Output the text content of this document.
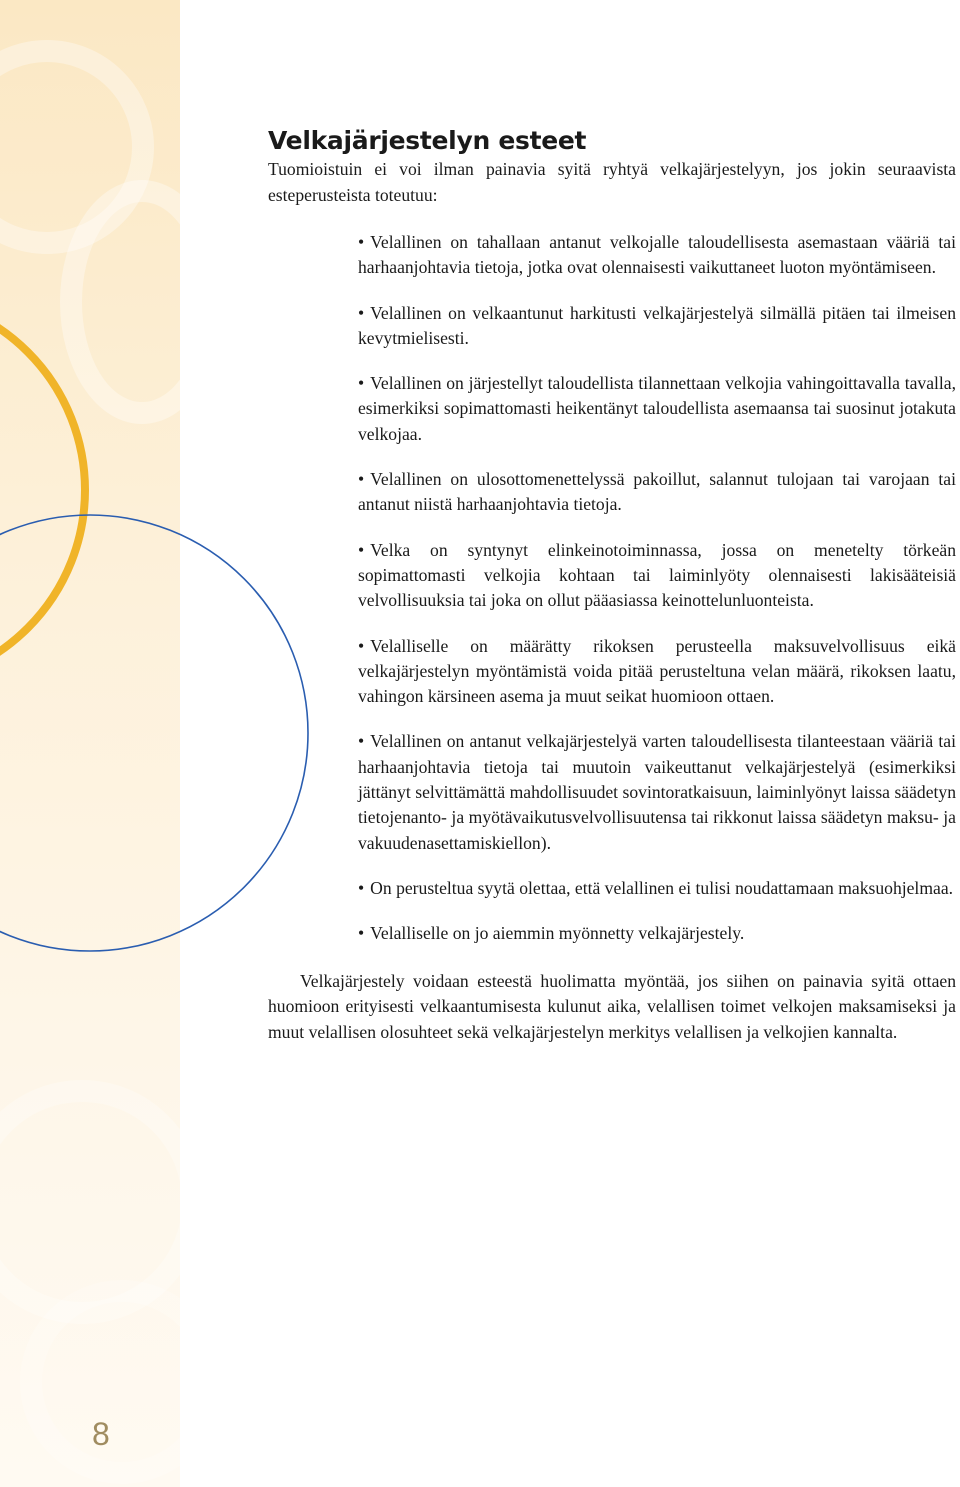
8
Velkajärjestelyn esteet

Tuomioistuin ei voi ilman painavia syitä ryhtyä velkajärjestelyyn, jos jokin seuraavista esteperusteista toteutuu:

• Velallinen on tahallaan antanut velkojalle taloudellisesta asemastaan vääriä tai harhaanjohtavia tietoja, jotka ovat olennaisesti vaikuttaneet luoton myöntämiseen.
• Velallinen on velkaantunut harkitusti velkajärjestelyä silmällä pitäen tai ilmeisen kevytmielisesti.
• Velallinen on järjestellyt taloudellista tilannettaan velkojia vahingoittavalla tavalla, esimerkiksi sopimattomasti heikentänyt taloudellista asemaansa tai suosinut jotakuta velkojaa.
• Velallinen on ulosottomenettelyssä pakoillut, salannut tulojaan tai varojaan tai antanut niistä harhaanjohtavia tietoja.
• Velka on syntynyt elinkeinotoiminnassa, jossa on menetelty törkeän sopimattomasti velkojia kohtaan tai laiminlyöty olennaisesti lakisääteisiä velvollisuuksia tai joka on ollut pääasiassa keinottelunluonteista.
• Velalliselle on määrätty rikoksen perusteella maksuvelvollisuus eikä velkajärjestelyn myöntämistä voida pitää perusteltuna velan määrä, rikoksen laatu, vahingon kärsineen asema ja muut seikat huomioon ottaen.
• Velallinen on antanut velkajärjestelyä varten taloudellisesta tilanteestaan vääriä tai harhaanjohtavia tietoja tai muutoin vaikeuttanut velkajärjestelyä (esimerkiksi jättänyt selvittämättä mahdollisuudet sovintoratkaisuun, laiminlyönyt laissa säädetyn tietojenanto- ja myötävaikutusvelvollisuutensa tai rikkonut laissa säädetyn maksu- ja vakuudenasettamiskiellon).
• On perusteltua syytä olettaa, että velallinen ei tulisi noudattamaan maksuohjelmaa.
• Velalliselle on jo aiemmin myönnetty velkajärjestely.

Velkajärjestely voidaan esteestä huolimatta myöntää, jos siihen on painavia syitä ottaen huomioon erityisesti velkaantumisesta kulunut aika, velallisen toimet velkojen maksamiseksi ja muut velallisen olosuhteet sekä velkajärjestelyn merkitys velallisen ja velkojien kannalta.
